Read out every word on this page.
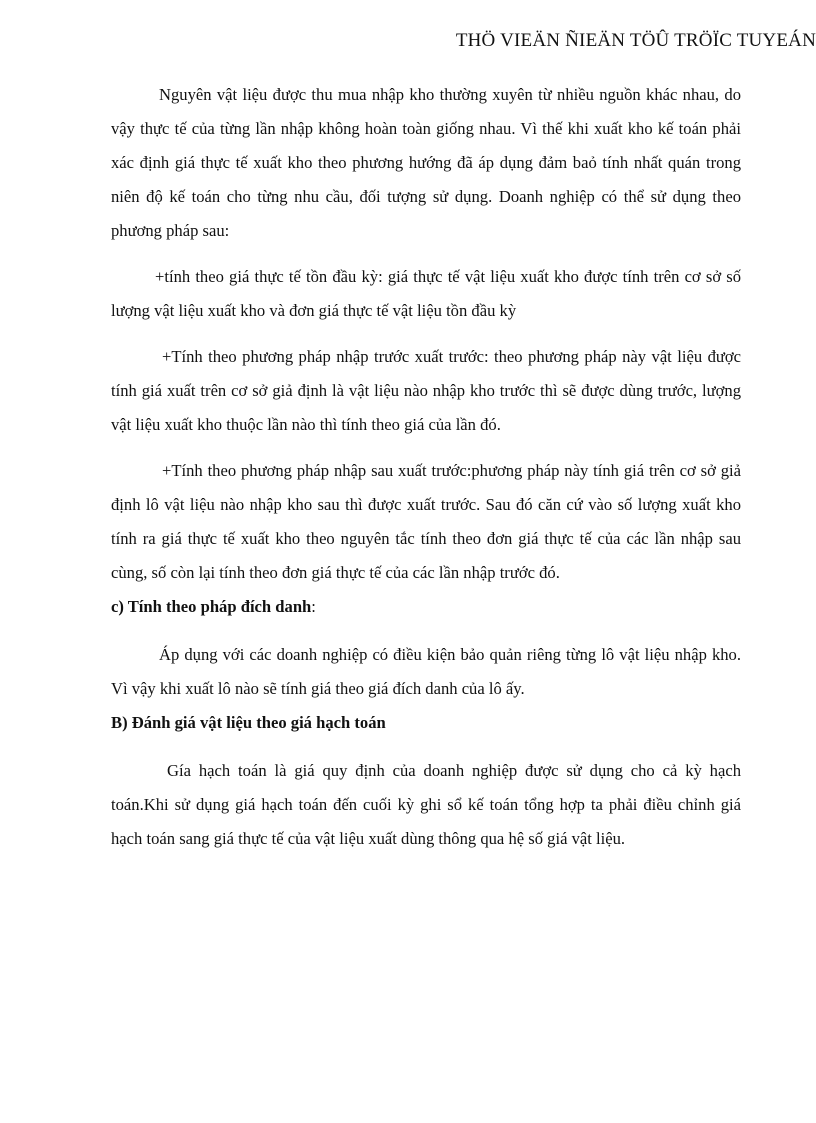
THÖ VIEÄN ÑIEÄN TÖÛ TRÖÏC TUYEÁN

Nguyên vật liệu được thu mua nhập kho thường xuyên từ nhiều nguồn khác nhau, do vậy thực tế của từng lần nhập không hoàn toàn giống nhau. Vì thế khi xuất kho kế toán phải xác định giá thực tế xuất kho theo phương hướng đã áp dụng đảm baỏ tính nhất quán trong niên độ kế toán cho từng nhu cầu, đối tượng sử dụng. Doanh nghiệp có thể sử dụng theo phương pháp sau:

+tính theo giá thực tế tồn đầu kỳ: giá thực tế vật liệu xuất kho được tính trên cơ sở số lượng vật liệu xuất kho và đơn giá thực tế vật liệu tồn đầu kỳ

+Tính theo phương pháp nhập trước xuất trước: theo phương pháp này vật liệu được tính giá xuất trên cơ sở giả định là vật liệu nào nhập kho trước thì sẽ được dùng trước, lượng vật liệu xuất kho thuộc lần nào thì tính theo giá của lần đó.

+Tính theo phương pháp nhập sau xuất trước:phương pháp này tính giá trên cơ sở giả định lô vật liệu nào nhập kho sau thì được xuất trước. Sau đó căn cứ vào số lượng xuất kho tính ra giá thực tế xuất kho theo nguyên tắc tính theo đơn giá thực tế của các lần nhập sau cùng, số còn lại tính theo đơn giá thực tế của các lần nhập trước đó.

c) Tính theo pháp đích danh:

Áp dụng với các doanh nghiệp có điều kiện bảo quản riêng từng lô vật liệu nhập kho. Vì vậy khi xuất lô nào sẽ tính giá theo giá đích danh của lô ấy.

B) Đánh giá vật liệu theo giá hạch toán

Gía hạch toán là giá quy định của doanh nghiệp được sử dụng cho cả kỳ hạch toán.Khi sử dụng giá hạch toán đến cuối kỳ ghi sổ kế toán tổng hợp ta phải điều chỉnh giá hạch toán sang giá thực tế của vật liệu xuất dùng thông qua hệ số giá vật liệu.
